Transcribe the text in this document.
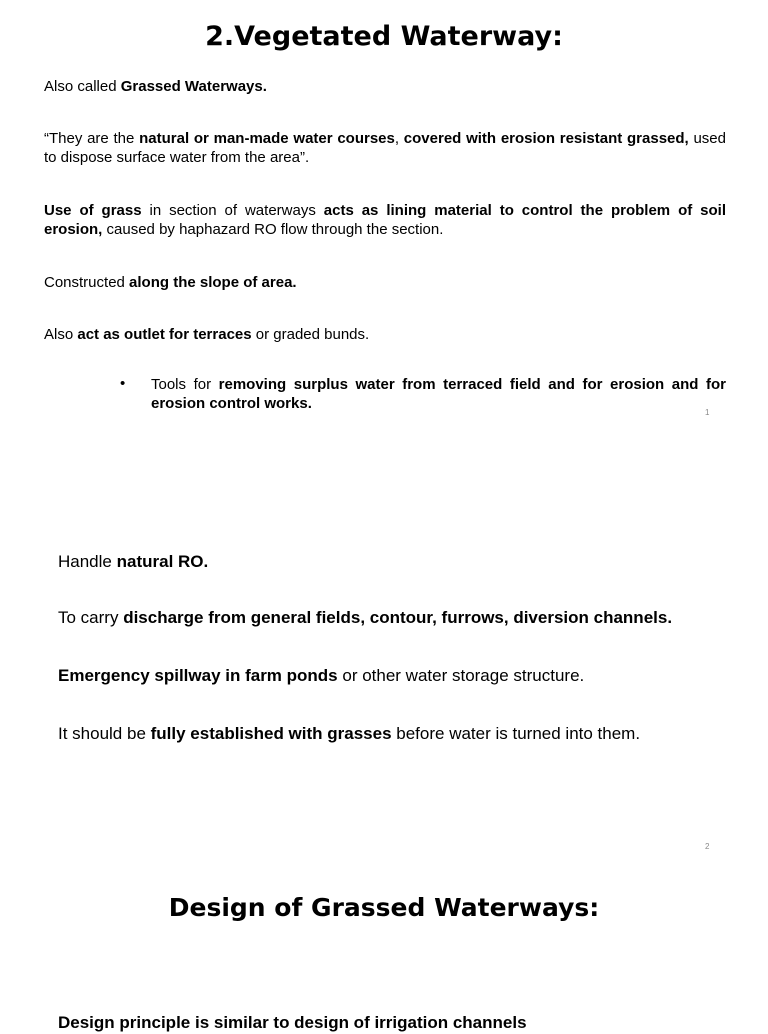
2.Vegetated Waterway:

Also called Grassed Waterways.

“They are the natural or man-made water courses, covered with erosion resistant grassed, used to dispose surface water from the area”.

Use of grass in section of waterways acts as lining material to control the problem of soil erosion, caused by haphazard RO flow through the section.

Constructed along the slope of area.

Also act as outlet for terraces or graded bunds.

• Tools for removing surplus water from terraced field and for erosion and for erosion control works.

1

Handle natural RO.

To carry discharge from general fields, contour, furrows, diversion channels.

Emergency spillway in farm ponds or other water storage structure.

It should be fully established with grasses before water is turned into them.

2
Design of Grassed Waterways:

Design principle is similar to design of irrigation channels
